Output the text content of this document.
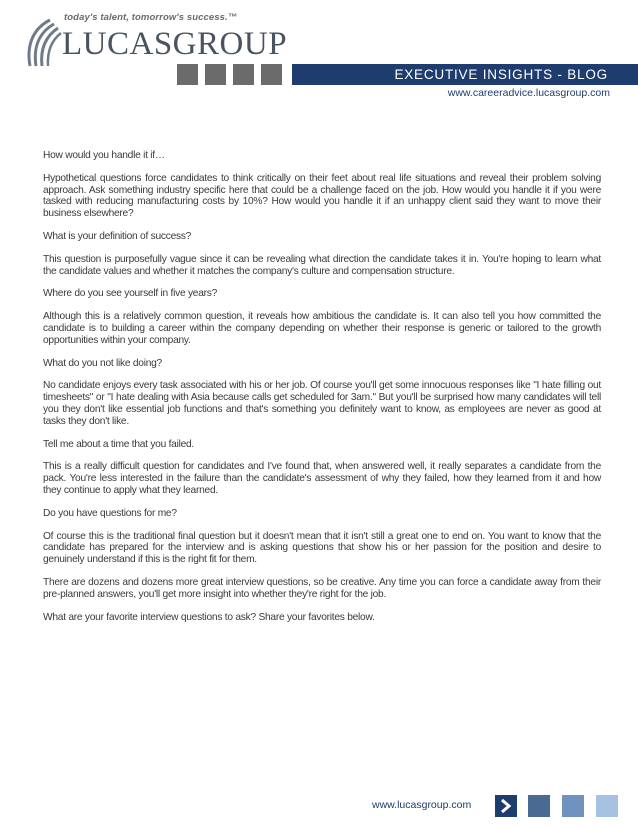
today's talent, tomorrow's success.™
LUCASGROUP
EXECUTIVE INSIGHTS - BLOG
www.careeradvice.lucasgroup.com

How would you handle it if…

Hypothetical questions force candidates to think critically on their feet about real life situations and reveal their problem solving approach. Ask something industry specific here that could be a challenge faced on the job. How would you handle it if you were tasked with reducing manufacturing costs by 10%? How would you handle it if an unhappy client said they want to move their business elsewhere?

What is your definition of success?

This question is purposefully vague since it can be revealing what direction the candidate takes it in. You're hoping to learn what the candidate values and whether it matches the company's culture and compensation structure.

Where do you see yourself in five years?

Although this is a relatively common question, it reveals how ambitious the candidate is. It can also tell you how committed the candidate is to building a career within the company depending on whether their response is generic or tailored to the growth opportunities within your company.

What do you not like doing?

No candidate enjoys every task associated with his or her job. Of course you'll get some innocuous responses like "I hate filling out timesheets" or "I hate dealing with Asia because calls get scheduled for 3am." But you'll be surprised how many candidates will tell you they don't like essential job functions and that's something you definitely want to know, as employees are never as good at tasks they don't like.

Tell me about a time that you failed.

This is a really difficult question for candidates and I've found that, when answered well, it really separates a candidate from the pack. You're less interested in the failure than the candidate's assessment of why they failed, how they learned from it and how they continue to apply what they learned.

Do you have questions for me?

Of course this is the traditional final question but it doesn't mean that it isn't still a great one to end on. You want to know that the candidate has prepared for the interview and is asking questions that show his or her passion for the position and desire to genuinely understand if this is the right fit for them.

There are dozens and dozens more great interview questions, so be creative. Any time you can force a candidate away from their pre-planned answers, you'll get more insight into whether they're right for the job.

What are your favorite interview questions to ask? Share your favorites below.

www.lucasgroup.com
